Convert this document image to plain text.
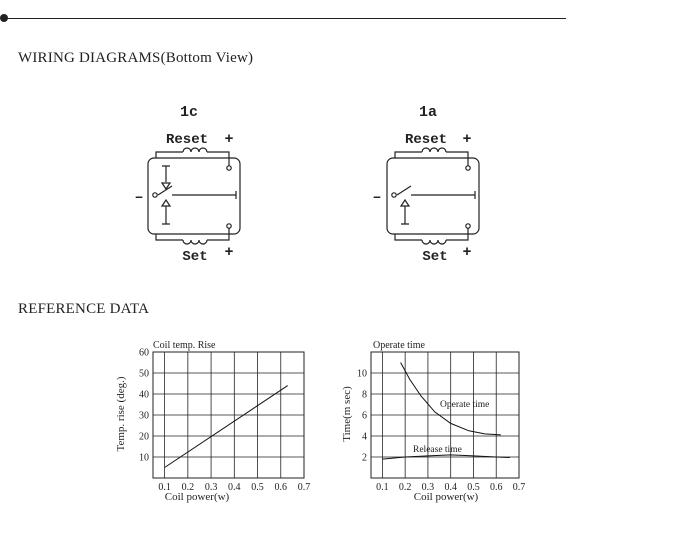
WIRING DIAGRAMS(Bottom View)
REFERENCE DATA
1c
Reset +
Set +
–
1a
Reset +
Set +
–
Coil temp. Rise
Coil power(w)
Temp. rise (deg.)
0.1 0.2 0.3 0.4 0.5 0.6 0.7
10
20
30
40
50
60
Operate time
Coil power(w)
Time(m sec)	Operate time
Release time
0.1 0.2 0.3 0.4 0.5 0.6 0.7
2
4
6
8
10
